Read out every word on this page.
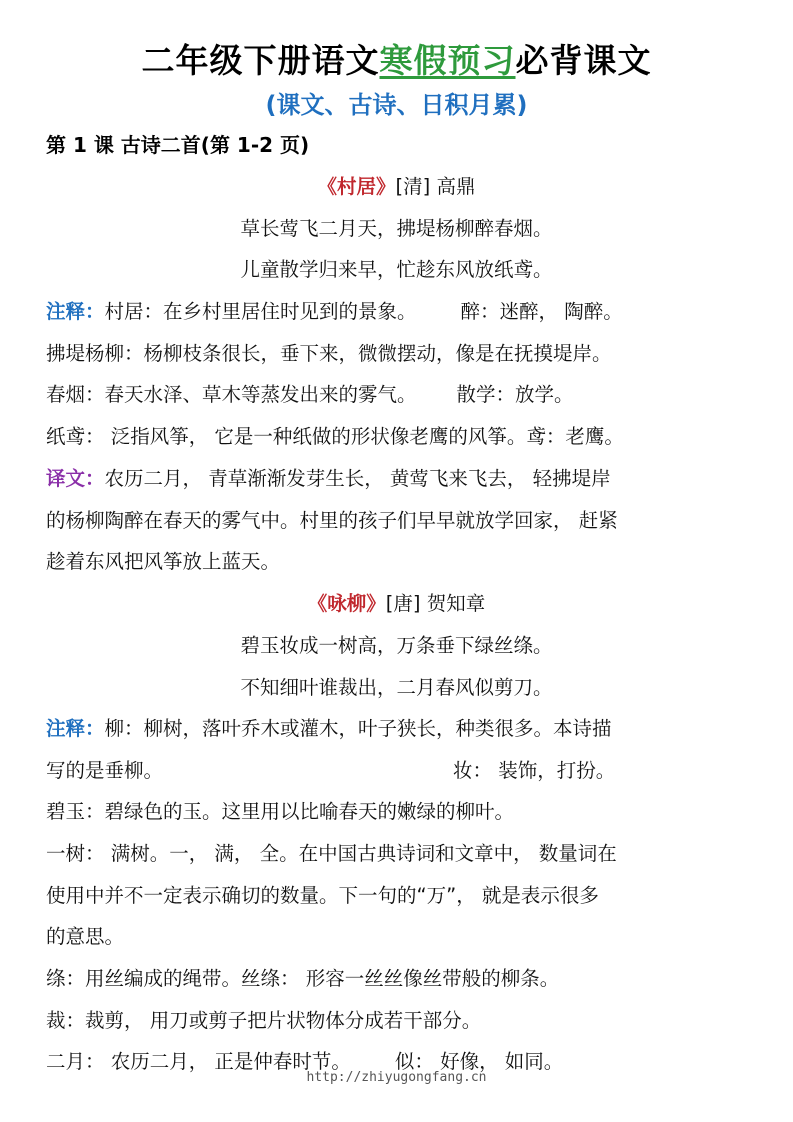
二年级下册语文寒假预习必背课文
(课文、古诗、日积月累)
第 1 课 古诗二首(第 1-2 页)
《村居》[清] 高鼎
草长莺飞二月天，拂堤杨柳醉春烟。
儿童散学归来早，忙趁东风放纸鸢。
注释：村居：在乡村里居住时见到的景象。 醉：迷醉， 陶醉。
拂堤杨柳：杨柳枝条很长，垂下来，微微摆动，像是在抚摸堤岸。
春烟：春天水泽、草木等蒸发出来的雾气。 散学：放学。
纸鸢： 泛指风筝， 它是一种纸做的形状像老鹰的风筝。鸢：老鹰。
译文：农历二月， 青草渐渐发芽生长， 黄莺飞来飞去， 轻拂堤岸
的杨柳陶醉在春天的雾气中。村里的孩子们早早就放学回家， 赶紧
趁着东风把风筝放上蓝天。
《咏柳》[唐] 贺知章
碧玉妆成一树高，万条垂下绿丝绦。
不知细叶谁裁出，二月春风似剪刀。
注释：柳：柳树，落叶乔木或灌木，叶子狭长，种类很多。本诗描
写的是垂柳。	妆： 装饰，打扮。
碧玉：碧绿色的玉。这里用以比喻春天的嫩绿的柳叶。
一树： 满树。一， 满， 全。在中国古典诗词和文章中， 数量词在
使用中并不一定表示确切的数量。下一句的“万”， 就是表示很多
的意思。
绦：用丝编成的绳带。丝绦： 形容一丝丝像丝带般的柳条。
裁：裁剪， 用刀或剪子把片状物体分成若干部分。
二月： 农历二月， 正是仲春时节。 似： 好像， 如同。
http://zhiyugongfang.cn
